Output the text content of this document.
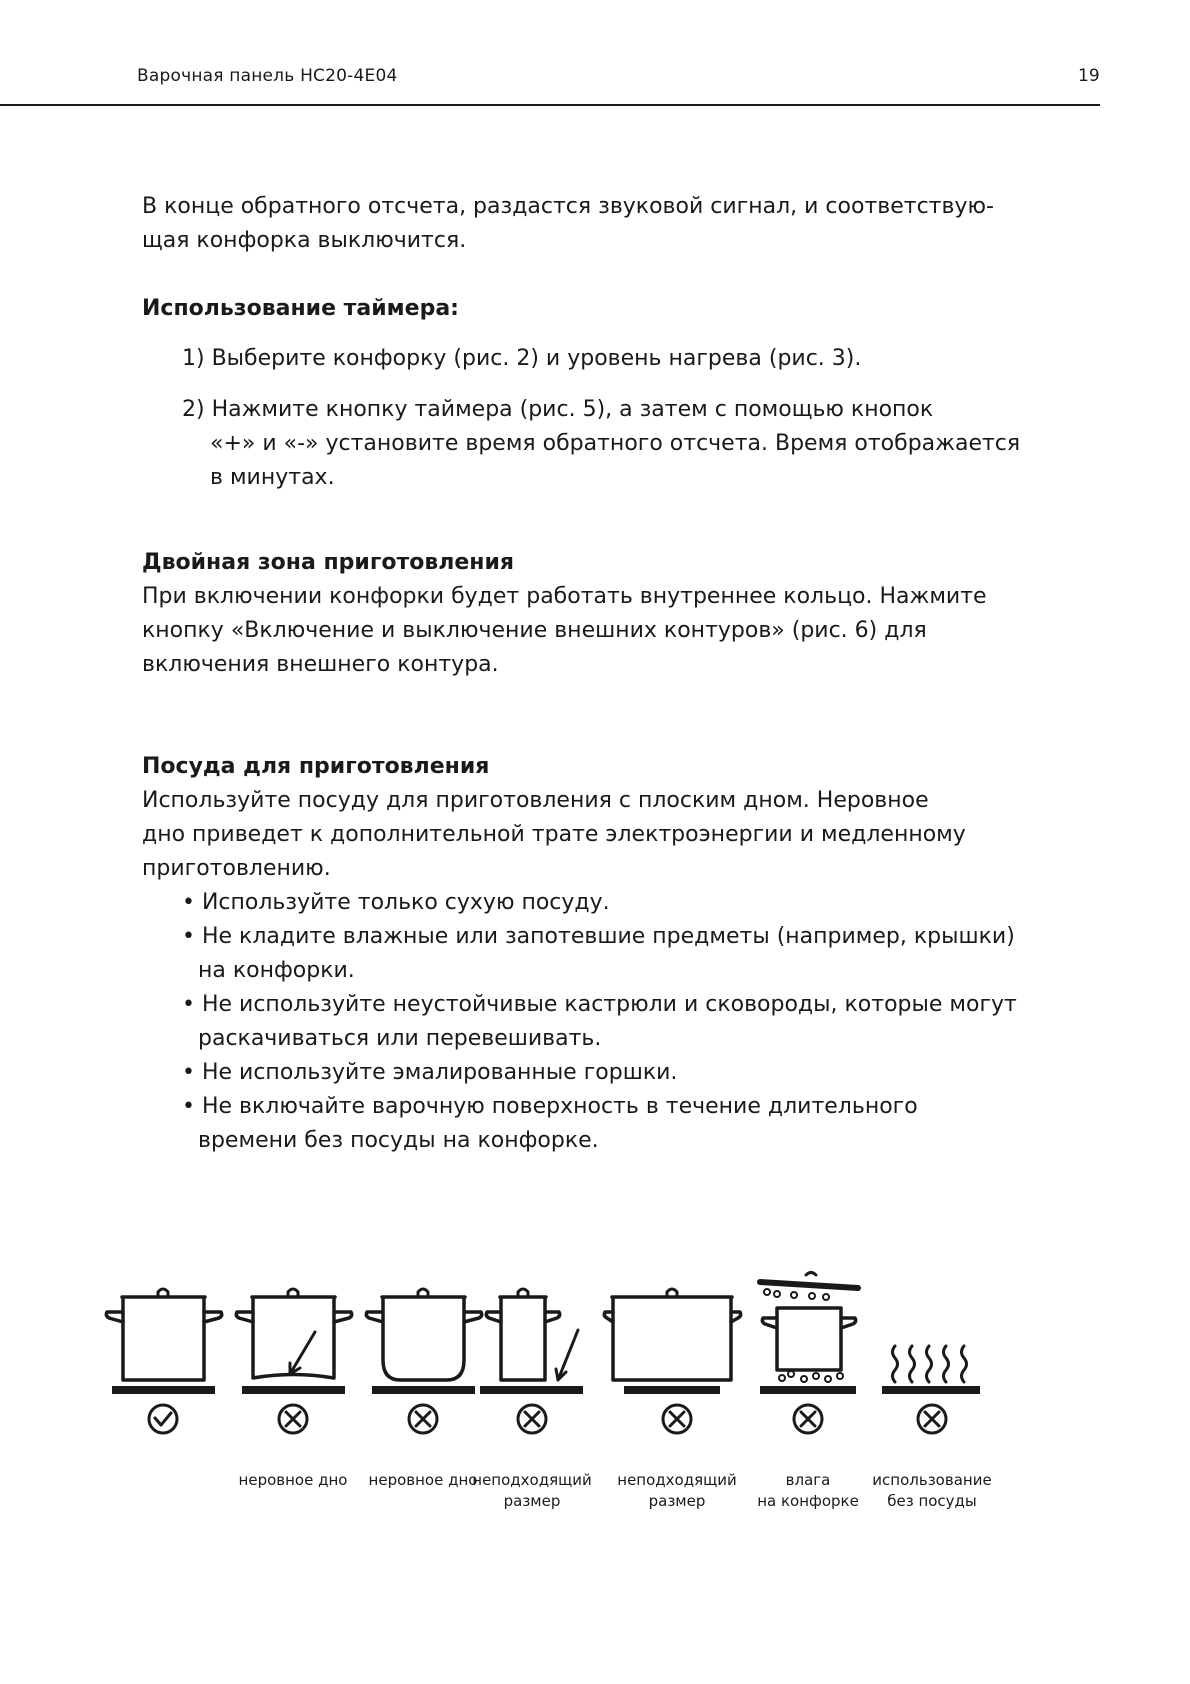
Варочная панель HC20-4E04	19

В конце обратного отсчета, раздастся звуковой сигнал, и соответствую-

щая конфорка выключится.

Использование таймера:

1) Выберите конфорку (рис. 2) и уровень нагрева (рис. 3).

2) Нажмите кнопку таймера (рис. 5), а затем с помощью кнопок

«+» и «-» установите время обратного отсчета. Время отображается

в минутах.

Двойная зона приготовления

При включении конфорки будет работать внутреннее кольцо. Нажмите

кнопку «Включение и выключение внешних контуров» (рис. 6) для

включения внешнего контура.

Посуда для приготовления

Используйте посуду для приготовления с плоским дном. Неровное

дно приведет к дополнительной трате электроэнергии и медленному

приготовлению.

• Используйте только сухую посуду.

• Не кладите влажные или запотевшие предметы (например, крышки)

на конфорки.

• Не используйте неустойчивые кастрюли и сковороды, которые могут

раскачиваться или перевешивать.

• Не используйте эмалированные горшки.

• Не включайте варочную поверхность в течение длительного

времени без посуды на конфорке.

неровное дно	неровное дно
неподходящий
размер
неподходящий
размер
влага
на конфорке
использование
без посуды
